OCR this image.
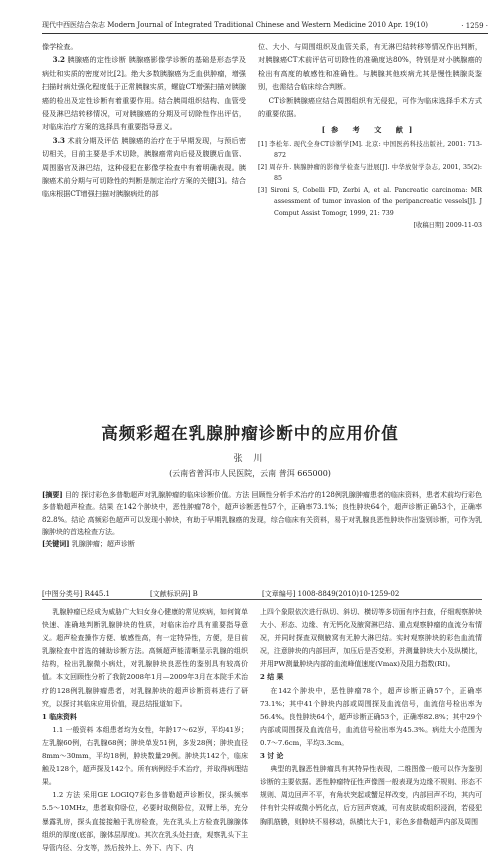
现代中西医结合杂志 Modern Journal of Integrated Traditional Chinese and Western Medicine 2010 Apr. 19(10)	· 1259 ·

像学检查。

3.2 胰腺癌的定性诊断 胰腺癌影像学诊断的基础是形态学及病灶和实质的密度对比[2]。绝大多数胰腺癌为乏血供肿瘤，增强扫描时病灶强化程度低于正常胰腺实质，螺旋CT增强扫描对胰腺癌的检出及定性诊断有着重要作用。结合胰周组织结构、血管受侵及淋巴结转移情况，可对胰腺癌的分期及可切除性作出评估，对临床治疗方案的选择具有重要指导意义。

3.3 术前分期及评估 胰腺癌的治疗在于早期发现，与预后密切相关，目前主要是手术切除，胰腺癌常向后侵及腹膜后血管、周围器官及淋巴结，这种侵犯在影像学检查中有着明确表现。胰腺癌术前分期与可切除性的判断是制定治疗方案的关键[3]。结合临床根据CT增强扫描对胰腺病灶的部

位、大小、与周围组织及血管关系，有无淋巴结转移等情况作出判断，对胰腺癌CT术前评估可切除性的准确度达80%，特别是对小胰腺癌的检出有高度的敏感性和准确性。与胰腺其他疾病尤其是慢性胰腺炎鉴别，也需结合临床综合判断。

CT诊断胰腺癌应结合周围组织有无侵犯，可作为临床选择手术方式的重要依据。

[参 考 文 献]
[1] 李松年. 现代全身CT诊断学[M]. 北京: 中国医药科技出版社, 2001: 713-872
[2] 周存升. 胰腺肿瘤的影像学检查与进展[J]. 中华放射学杂志, 2001, 35(2): 85
[3] Sironi S, Cobelli FD, Zerbi A, et al. Pancreatic carcinoma: MR assessment of tumor invasion of the peripancreatic vessels[J]. J Comput Assist Tomogr, 1999, 21: 739
[收稿日期] 2009-11-03
高频彩超在乳腺肿瘤诊断中的应用价值
张 川
(云南省普洱市人民医院，云南 普洱 665000)
[摘要] 目的 探讨彩色多普勒超声对乳腺肿瘤的临床诊断价值。方法 回顾性分析手术治疗的128例乳腺肿瘤患者的临床资料，患者术前均行彩色多普勒超声检查。结果 在142个肿块中，恶性肿瘤78个，超声诊断恶性57个，正确率73.1%；良性肿块64个，超声诊断正确53个，正确率82.8%。结论 高频彩色超声可以发现小肿块，有助于早期乳腺癌的发现，综合临床有关资料，易于对乳腺良恶性肿块作出鉴别诊断，可作为乳腺肿块的首选检查方法。
[关键词] 乳腺肿瘤；超声诊断
[中图分类号] R445.1	[文献标识码] B	[文章编号] 1008-8849(2010)10-1259-02

乳腺肿瘤已经成为威胁广大妇女身心健康的常见疾病，如何简单快速、准确地判断乳腺肿块的性质，对临床治疗具有重要指导意义。超声检查操作方便、敏感性高，有一定特异性，方便，是目前乳腺检查中首选的辅助诊断方法。高频超声能清晰显示乳腺的组织结构，检出乳腺微小病灶，对乳腺肿块良恶性的鉴别具有较高价值。本文回顾性分析了我院2008年1月—2009年3月在本院手术治疗的128例乳腺肿瘤患者，对乳腺肿块的超声诊断资料进行了研究，以探讨其临床应用价值，现总结报道如下。

1 临床资料

1.1 一般资料 本组患者均为女性，年龄17～62岁，平均41岁；左乳腺60例，右乳腺68例；肿块单发51例，多发28例；肿块直径8mm～30mm，平均18例，肿块数量29例。肿块共142个，临床触及128个，超声探及142个。所有病例经手术治疗，并取得病理结果。

1.2 方法 采用GE LOGIQ7彩色多普勒超声诊断仪，探头频率5.5～10MHz，患者取仰卧位，必要时取侧卧位，双臂上举，充分暴露乳房，探头直接接触于乳房检查，先在乳头上方检查乳腺腺体组织的厚度(底部，腺体层厚度)。其次在乳头处扫查，观察乳头下主导管内径、分支等，然后按外上、外下、内下、内

上四个象限依次进行纵切、斜切、横切等多切面有序扫查，仔细观察肿块大小、形态、边缘、有无钙化及腋窝淋巴结、重点观察肿瘤的血流分布情况，并同时探查双侧腋窝有无肿大淋巴结。实时观察肿块的彩色血流情况，注意肿块的内部回声，加压后是否变形，并测量肿块大小及纵横比，并用PW测量肿块内部的血流峰值速度(Vmax)及阻力指数(RI)。

2 结 果

在142个肿块中，恶性肿瘤78个，超声诊断正确57个，正确率73.1%；其中41个肿块内部或周围探及血流信号，血流信号检出率为56.4%。良性肿块64个，超声诊断正确53个，正确率82.8%；其中29个内部或周围探及血流信号，血流信号检出率为45.3%。病灶大小范围为0.7～7.6cm，平均3.3cm。

3 讨 论

典型的乳腺恶性肿瘤具有其特异性表现，二维图像一般可以作为鉴别诊断的主要依据。恶性肿瘤特征性声像图一般表现为边缘不规则、形态不规则、周边回声不平，有角状突起或蟹足样改变，内部回声不均，其内可伴有针尖样或微小钙化点，后方回声衰减，可有皮肤或组织浸润，若侵犯胸肌筋膜，则肿块不易移动，纵横比大于1，彩色多普勒超声内部及周围
